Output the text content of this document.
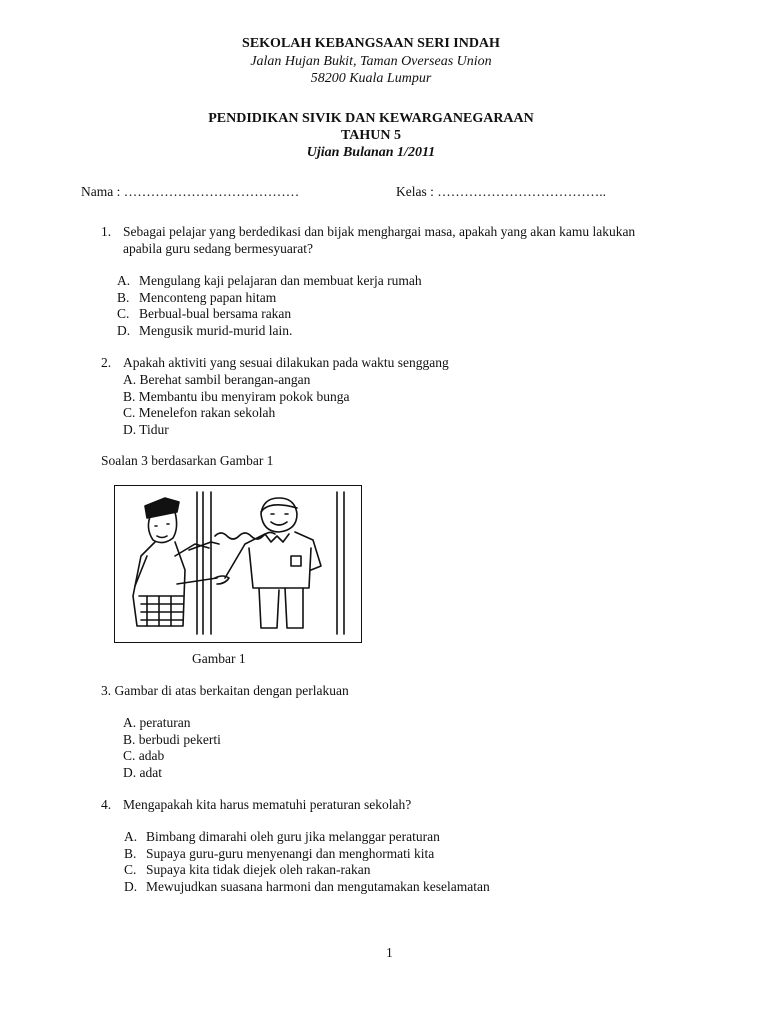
SEKOLAH KEBANGSAAN SERI INDAH
Jalan Hujan Bukit, Taman Overseas Union
58200 Kuala Lumpur
PENDIDIKAN SIVIK DAN KEWARGANEGARAAN
TAHUN 5
Ujian Bulanan 1/2011
Nama : …………………………………	Kelas : ………………………………..
1. Sebagai pelajar yang berdedikasi dan bijak menghargai masa, apakah yang akan kamu lakukan
apabila guru sedang bermesyuarat?
A. Mengulang kaji pelajaran dan membuat kerja rumah
B. Menconteng papan hitam
C. Berbual-bual bersama rakan
D. Mengusik murid-murid lain.
2. Apakah aktiviti yang sesuai dilakukan pada waktu senggang
A. Berehat sambil berangan-angan
B. Membantu ibu menyiram pokok bunga
C. Menelefon rakan sekolah
D. Tidur
Soalan 3 berdasarkan Gambar 1
Gambar 1
3. Gambar di atas berkaitan dengan perlakuan
A. peraturan
B. berbudi pekerti
C. adab
D. adat
4. Mengapakah kita harus mematuhi peraturan sekolah?
A. Bimbang dimarahi oleh guru jika melanggar peraturan
B. Supaya guru-guru menyenangi dan menghormati kita
C. Supaya kita tidak diejek oleh rakan-rakan
D. Mewujudkan suasana harmoni dan mengutamakan keselamatan
1
